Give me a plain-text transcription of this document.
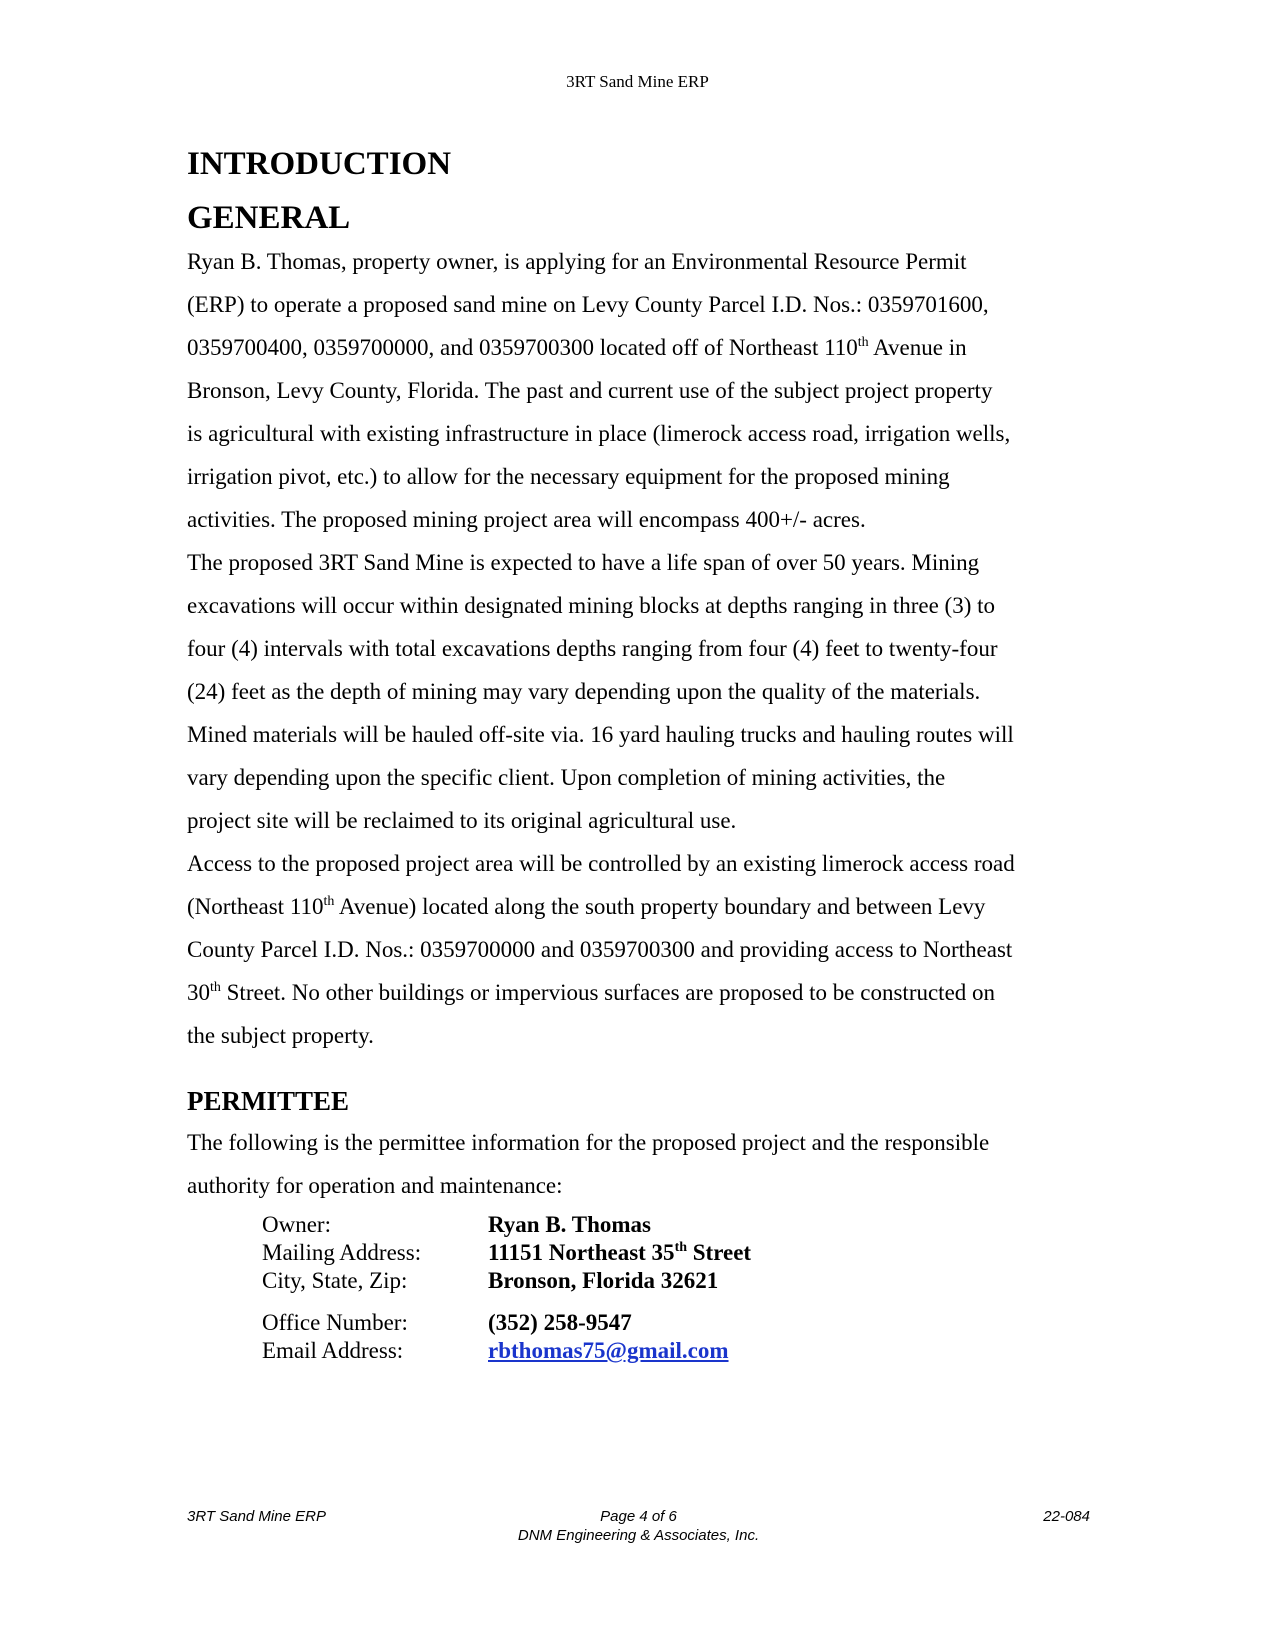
3RT Sand Mine ERP
INTRODUCTION
GENERAL

Ryan B. Thomas, property owner, is applying for an Environmental Resource Permit
(ERP) to operate a proposed sand mine on Levy County Parcel I.D. Nos.: 0359701600,
0359700400, 0359700000, and 0359700300 located off of Northeast 110th Avenue in
Bronson, Levy County, Florida. The past and current use of the subject project property
is agricultural with existing infrastructure in place (limerock access road, irrigation wells,
irrigation pivot, etc.) to allow for the necessary equipment for the proposed mining
activities. The proposed mining project area will encompass 400+/- acres.

The proposed 3RT Sand Mine is expected to have a life span of over 50 years. Mining
excavations will occur within designated mining blocks at depths ranging in three (3) to
four (4) intervals with total excavations depths ranging from four (4) feet to twenty-four
(24) feet as the depth of mining may vary depending upon the quality of the materials.
Mined materials will be hauled off-site via. 16 yard hauling trucks and hauling routes will
vary depending upon the specific client. Upon completion of mining activities, the
project site will be reclaimed to its original agricultural use.

Access to the proposed project area will be controlled by an existing limerock access road
(Northeast 110th Avenue) located along the south property boundary and between Levy
County Parcel I.D. Nos.: 0359700000 and 0359700300 and providing access to Northeast
30th Street. No other buildings or impervious surfaces are proposed to be constructed on
the subject property.

PERMITTEE

The following is the permittee information for the proposed project and the responsible
authority for operation and maintenance:

Owner:	Ryan B. Thomas
Mailing Address:	11151 Northeast 35th Street
City, State, Zip:	Bronson, Florida 32621
Office Number:	(352) 258-9547
Email Address:	rbthomas75@gmail.com
3RT Sand Mine ERP	Page 4 of 6	22-084
DNM Engineering & Associates, Inc.
